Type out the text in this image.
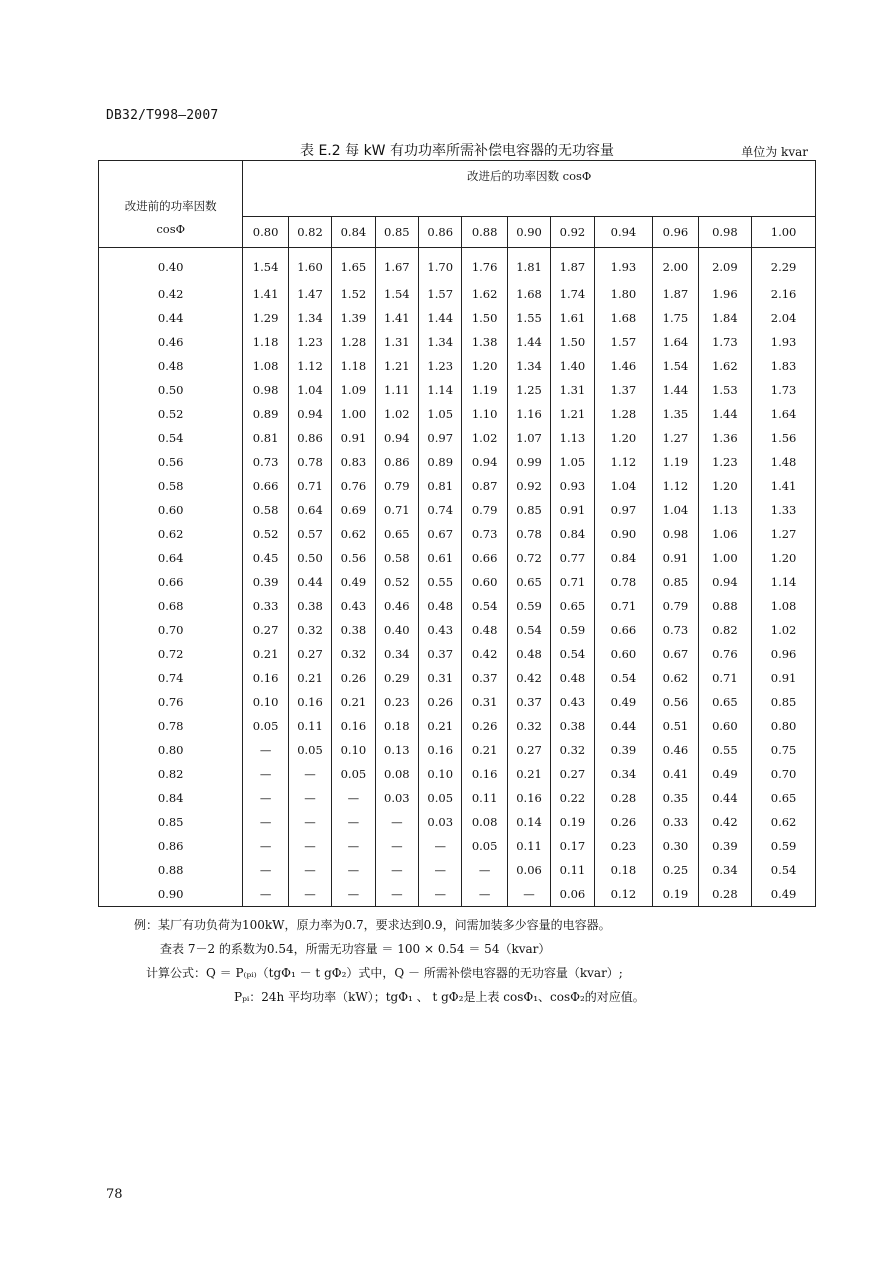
DB32/T998—2007
表 E.2 每 kW 有功功率所需补偿电容器的无功容量	单位为 kvar
改进前的功率因数	改进后的功率因数 cosΦ											
cosΦ	0.80	0.82	0.84	0.85	0.86	0.88	0.90	0.92	0.94	0.96	0.98	1.00
0.40	1.54	1.60	1.65	1.67	1.70	1.76	1.81	1.87	1.93	2.00	2.09	2.29
0.42	1.41	1.47	1.52	1.54	1.57	1.62	1.68	1.74	1.80	1.87	1.96	2.16
0.44	1.29	1.34	1.39	1.41	1.44	1.50	1.55	1.61	1.68	1.75	1.84	2.04
0.46	1.18	1.23	1.28	1.31	1.34	1.38	1.44	1.50	1.57	1.64	1.73	1.93
0.48	1.08	1.12	1.18	1.21	1.23	1.20	1.34	1.40	1.46	1.54	1.62	1.83
0.50	0.98	1.04	1.09	1.11	1.14	1.19	1.25	1.31	1.37	1.44	1.53	1.73
0.52	0.89	0.94	1.00	1.02	1.05	1.10	1.16	1.21	1.28	1.35	1.44	1.64
0.54	0.81	0.86	0.91	0.94	0.97	1.02	1.07	1.13	1.20	1.27	1.36	1.56
0.56	0.73	0.78	0.83	0.86	0.89	0.94	0.99	1.05	1.12	1.19	1.23	1.48
0.58	0.66	0.71	0.76	0.79	0.81	0.87	0.92	0.93	1.04	1.12	1.20	1.41
0.60	0.58	0.64	0.69	0.71	0.74	0.79	0.85	0.91	0.97	1.04	1.13	1.33
0.62	0.52	0.57	0.62	0.65	0.67	0.73	0.78	0.84	0.90	0.98	1.06	1.27
0.64	0.45	0.50	0.56	0.58	0.61	0.66	0.72	0.77	0.84	0.91	1.00	1.20
0.66	0.39	0.44	0.49	0.52	0.55	0.60	0.65	0.71	0.78	0.85	0.94	1.14
0.68	0.33	0.38	0.43	0.46	0.48	0.54	0.59	0.65	0.71	0.79	0.88	1.08
0.70	0.27	0.32	0.38	0.40	0.43	0.48	0.54	0.59	0.66	0.73	0.82	1.02
0.72	0.21	0.27	0.32	0.34	0.37	0.42	0.48	0.54	0.60	0.67	0.76	0.96
0.74	0.16	0.21	0.26	0.29	0.31	0.37	0.42	0.48	0.54	0.62	0.71	0.91
0.76	0.10	0.16	0.21	0.23	0.26	0.31	0.37	0.43	0.49	0.56	0.65	0.85
0.78	0.05	0.11	0.16	0.18	0.21	0.26	0.32	0.38	0.44	0.51	0.60	0.80
0.80	—	0.05	0.10	0.13	0.16	0.21	0.27	0.32	0.39	0.46	0.55	0.75
0.82	—	—	0.05	0.08	0.10	0.16	0.21	0.27	0.34	0.41	0.49	0.70
0.84	—	—	—	0.03	0.05	0.11	0.16	0.22	0.28	0.35	0.44	0.65
0.85	—	—	—	—	0.03	0.08	0.14	0.19	0.26	0.33	0.42	0.62
0.86	—	—	—	—	—	0.05	0.11	0.17	0.23	0.30	0.39	0.59
0.88	—	—	—	—	—	—	0.06	0.11	0.18	0.25	0.34	0.54
0.90	—	—	—	—	—	—	—	0.06	0.12	0.19	0.28	0.49
例：某厂有功负荷为100kW，原力率为0.7，要求达到0.9，问需加装多少容量的电容器。
查表 7－2 的系数为0.54，所需无功容量 ＝ 100 × 0.54 ＝ 54（kvar）
计算公式：Q ＝ P₍ₚᵢ₎（tgΦ₁ － t gΦ₂）式中，Q － 所需补偿电容器的无功容量（kvar）;
Pₚᵢ：24h 平均功率（kW）；tgΦ₁ 、 t gΦ₂是上表 cosΦ₁、cosΦ₂的对应值。
78
